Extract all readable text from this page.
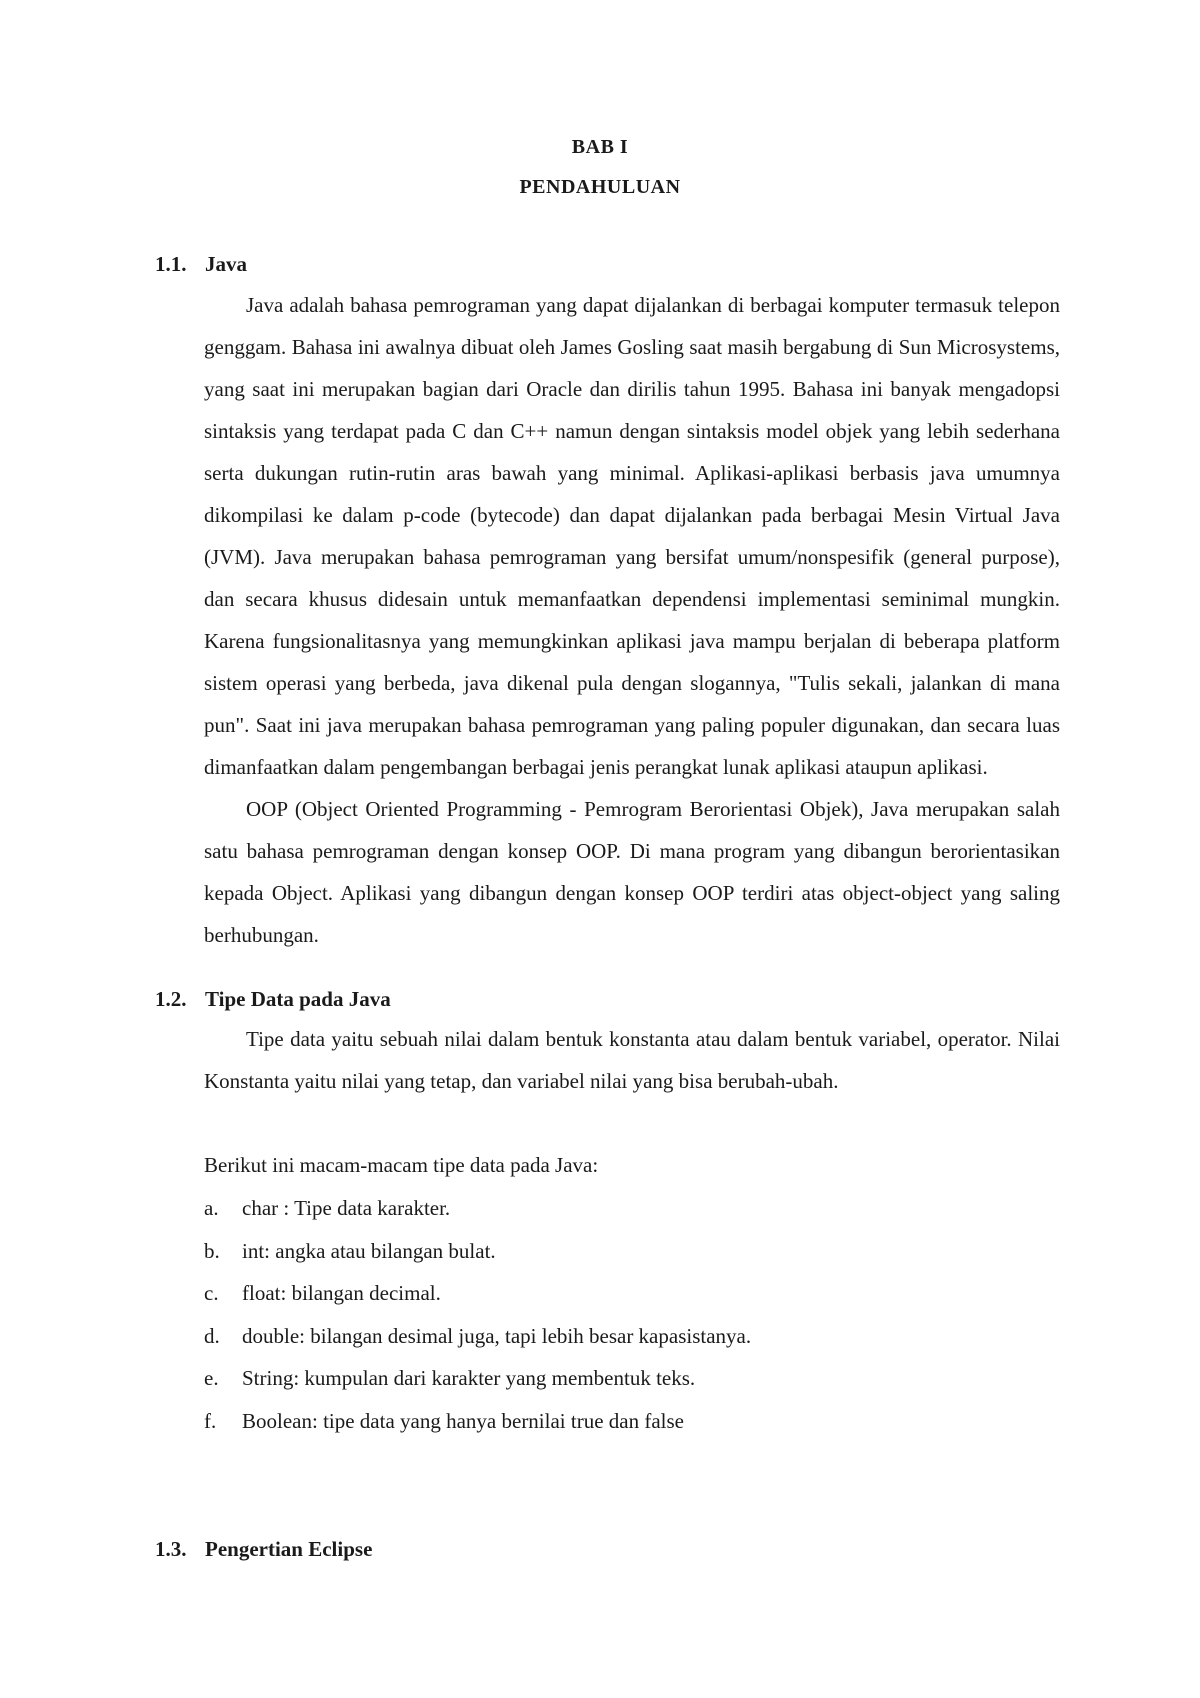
BAB I
PENDAHULUAN
1.1. Java

Java adalah bahasa pemrograman yang dapat dijalankan di berbagai komputer termasuk telepon genggam. Bahasa ini awalnya dibuat oleh James Gosling saat masih bergabung di Sun Microsystems, yang saat ini merupakan bagian dari Oracle dan dirilis tahun 1995. Bahasa ini banyak mengadopsi sintaksis yang terdapat pada C dan C++ namun dengan sintaksis model objek yang lebih sederhana serta dukungan rutin-rutin aras bawah yang minimal. Aplikasi-aplikasi berbasis java umumnya dikompilasi ke dalam p-code (bytecode) dan dapat dijalankan pada berbagai Mesin Virtual Java (JVM). Java merupakan bahasa pemrograman yang bersifat umum/nonspesifik (general purpose), dan secara khusus didesain untuk memanfaatkan dependensi implementasi seminimal mungkin. Karena fungsionalitasnya yang memungkinkan aplikasi java mampu berjalan di beberapa platform sistem operasi yang berbeda, java dikenal pula dengan slogannya, "Tulis sekali, jalankan di mana pun". Saat ini java merupakan bahasa pemrograman yang paling populer digunakan, dan secara luas dimanfaatkan dalam pengembangan berbagai jenis perangkat lunak aplikasi ataupun aplikasi.

OOP (Object Oriented Programming - Pemrogram Berorientasi Objek), Java merupakan salah satu bahasa pemrograman dengan konsep OOP. Di mana program yang dibangun berorientasikan kepada Object. Aplikasi yang dibangun dengan konsep OOP terdiri atas object-object yang saling berhubungan.

1.2. Tipe Data pada Java

Tipe data yaitu sebuah nilai dalam bentuk konstanta atau dalam bentuk variabel, operator. Nilai Konstanta yaitu nilai yang tetap, dan variabel nilai yang bisa berubah-ubah.

Berikut ini macam-macam tipe data pada Java:
a. char : Tipe data karakter.
b. int: angka atau bilangan bulat.
c. float: bilangan decimal.
d. double: bilangan desimal juga, tapi lebih besar kapasistanya.
e. String: kumpulan dari karakter yang membentuk teks.
f. Boolean: tipe data yang hanya bernilai true dan false
1.3. Pengertian Eclipse
